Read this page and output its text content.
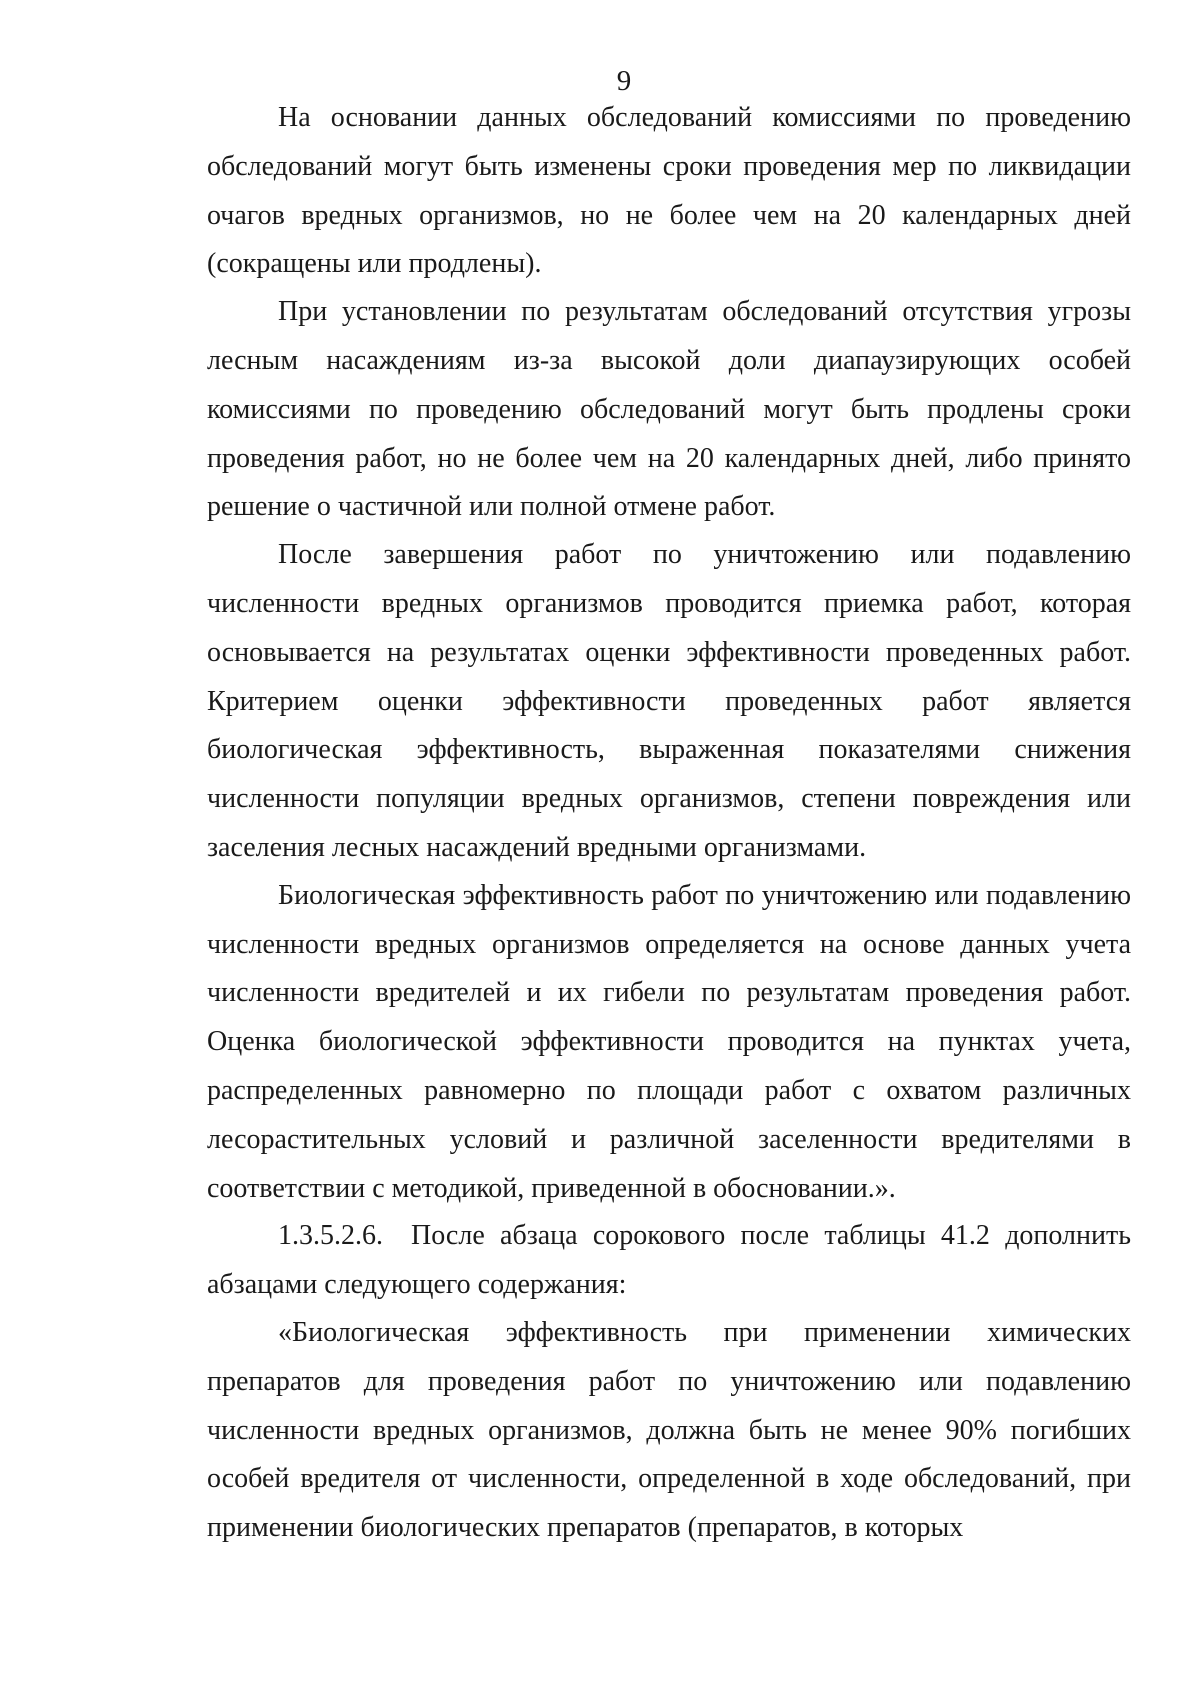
9

На основании данных обследований комиссиями по проведению обследований могут быть изменены сроки проведения мер по ликвидации очагов вредных организмов, но не более чем на 20 календарных дней (сокращены или продлены).

При установлении по результатам обследований отсутствия угрозы лесным насаждениям из-за высокой доли диапаузирующих особей комиссиями по проведению обследований могут быть продлены сроки проведения работ, но не более чем на 20 календарных дней, либо принято решение о частичной или полной отмене работ.

После завершения работ по уничтожению или подавлению численности вредных организмов проводится приемка работ, которая основывается на результатах оценки эффективности проведенных работ. Критерием оценки эффективности проведенных работ является биологическая эффективность, выраженная показателями снижения численности популяции вредных организмов, степени повреждения или заселения лесных насаждений вредными организмами.

Биологическая эффективность работ по уничтожению или подавлению численности вредных организмов определяется на основе данных учета численности вредителей и их гибели по результатам проведения работ. Оценка биологической эффективности проводится на пунктах учета, распределенных равномерно по площади работ с охватом различных лесорастительных условий и различной заселенности вредителями в соответствии с методикой, приведенной в обосновании.».

1.3.5.2.6. После абзаца сорокового после таблицы 41.2 дополнить абзацами следующего содержания:

«Биологическая эффективность при применении химических препаратов для проведения работ по уничтожению или подавлению численности вредных организмов, должна быть не менее 90% погибших особей вредителя от численности, определенной в ходе обследований, при применении биологических препаратов (препаратов, в которых
